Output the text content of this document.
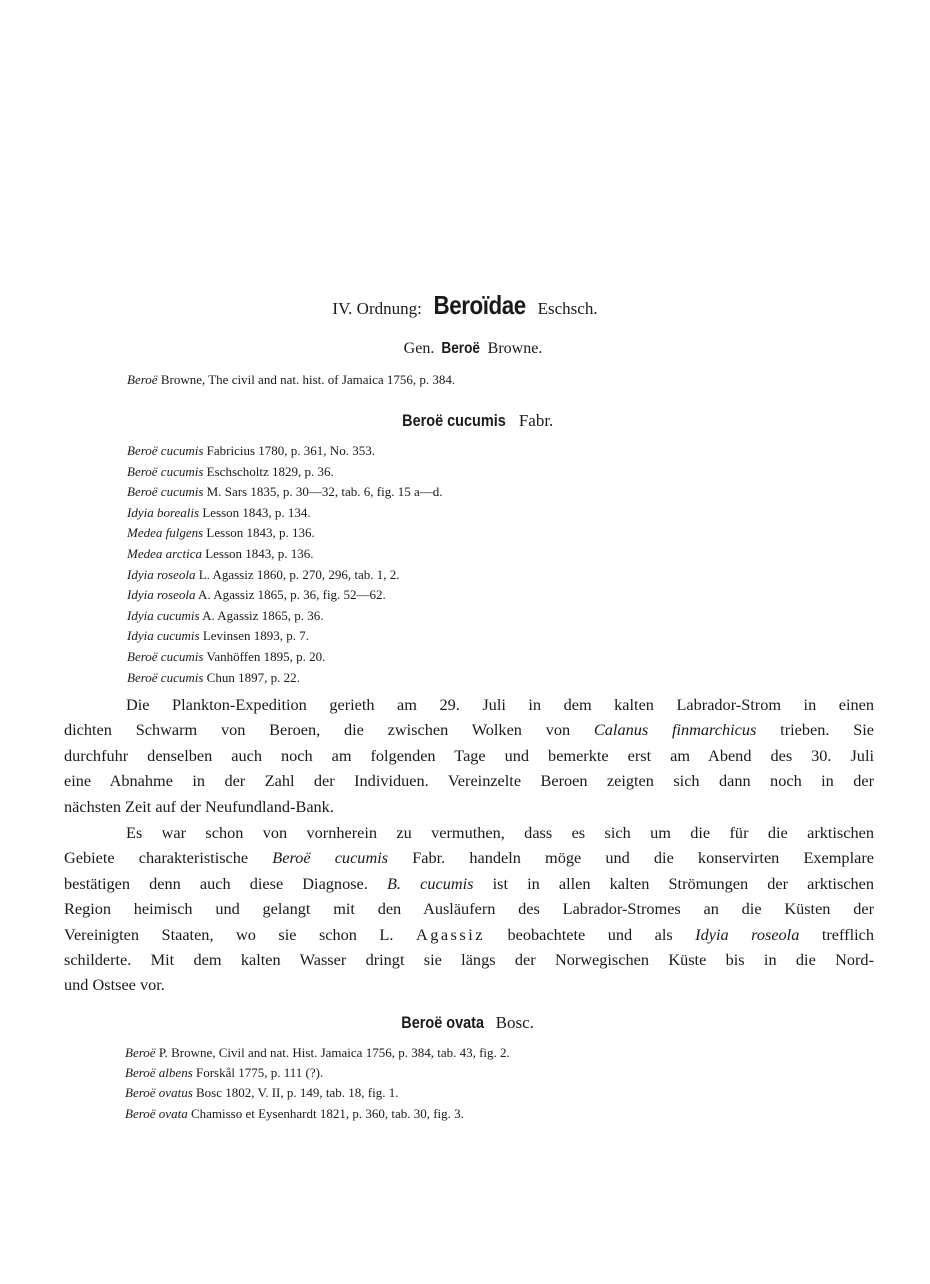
IV. Ordnung: Beroïdae Eschsch.
Gen. Beroë Browne.
Beroë Browne, The civil and nat. hist. of Jamaica 1756, p. 384.
Beroë cucumis Fabr.
Beroë cucumis Fabricius 1780, p. 361, No. 353.
Beroë cucumis Eschscholtz 1829, p. 36.
Beroë cucumis M. Sars 1835, p. 30—32, tab. 6, fig. 15 a—d.
Idyia borealis Lesson 1843, p. 134.
Medea fulgens Lesson 1843, p. 136.
Medea arctica Lesson 1843, p. 136.
Idyia roseola L. Agassiz 1860, p. 270, 296, tab. 1, 2.
Idyia roseola A. Agassiz 1865, p. 36, fig. 52—62.
Idyia cucumis A. Agassiz 1865, p. 36.
Idyia cucumis Levinsen 1893, p. 7.
Beroë cucumis Vanhöffen 1895, p. 20.
Beroë cucumis Chun 1897, p. 22.
Die Plankton-Expedition gerieth am 29. Juli in dem kalten Labrador-Strom in einen
dichten Schwarm von Beroen, die zwischen Wolken von Calanus finmarchicus trieben. Sie
durchfuhr denselben auch noch am folgenden Tage und bemerkte erst am Abend des 30. Juli
eine Abnahme in der Zahl der Individuen. Vereinzelte Beroen zeigten sich dann noch in der
nächsten Zeit auf der Neufundland-Bank.
Es war schon von vornherein zu vermuthen, dass es sich um die für die arktischen
Gebiete charakteristische Beroë cucumis Fabr. handeln möge und die konservirten Exemplare
bestätigen denn auch diese Diagnose. B. cucumis ist in allen kalten Strömungen der arktischen
Region heimisch und gelangt mit den Ausläufern des Labrador-Stromes an die Küsten der
Vereinigten Staaten, wo sie schon L. Agassiz beobachtete und als Idyia roseola trefflich
schilderte. Mit dem kalten Wasser dringt sie längs der Norwegischen Küste bis in die Nord-
und Ostsee vor.
Beroë ovata Bosc.
Beroë P. Browne, Civil and nat. Hist. Jamaica 1756, p. 384, tab. 43, fig. 2.
Beroë albens Forskål 1775, p. 111 (?).
Beroë ovatus Bosc 1802, V. II, p. 149, tab. 18, fig. 1.
Beroë ovata Chamisso et Eysenhardt 1821, p. 360, tab. 30, fig. 3.
